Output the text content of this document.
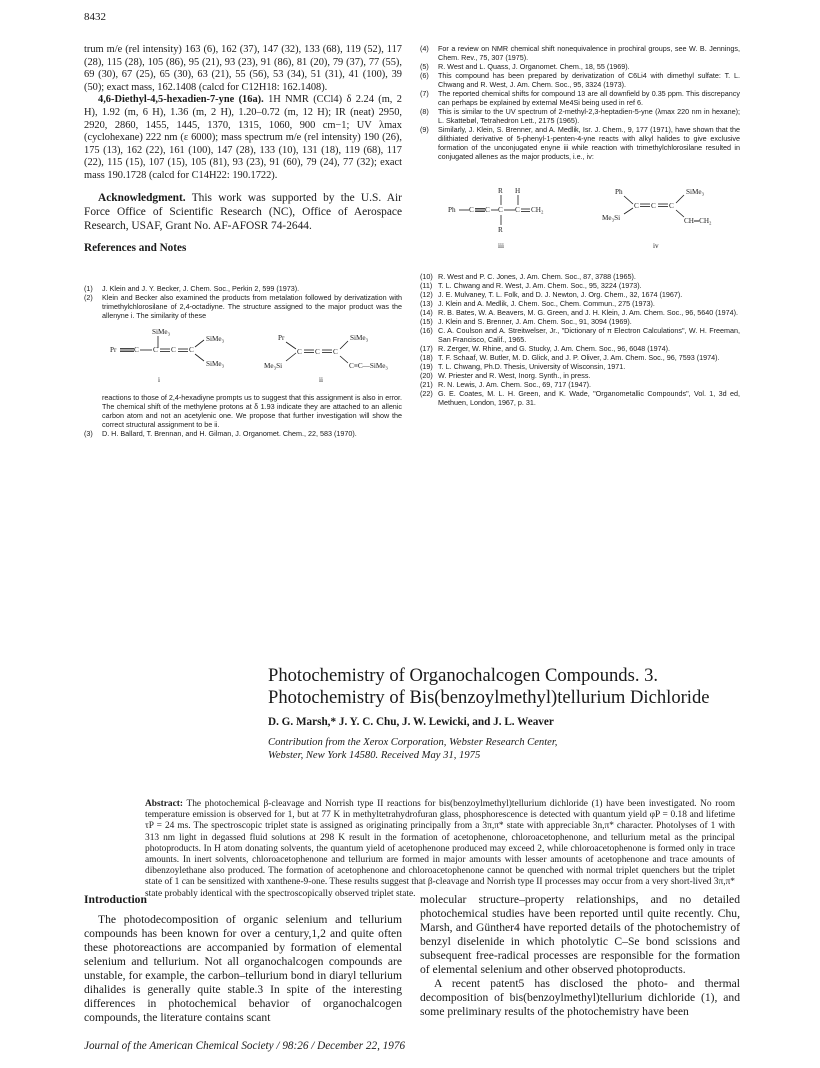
8432

trum m/e (rel intensity) 163 (6), 162 (37), 147 (32), 133 (68), 119 (52), 117 (28), 115 (28), 105 (86), 95 (21), 93 (23), 91 (86), 81 (20), 79 (37), 77 (55), 69 (30), 67 (25), 65 (30), 63 (21), 55 (56), 53 (34), 51 (31), 41 (100), 39 (50); exact mass, 162.1408 (calcd for C12H18: 162.1408).

4,6-Diethyl-4,5-hexadien-7-yne (16a). 1H NMR (CCl4) δ 2.24 (m, 2 H), 1.92 (m, 6 H), 1.36 (m, 2 H), 1.20–0.72 (m, 12 H); IR (neat) 2950, 2920, 2860, 1455, 1445, 1370, 1315, 1060, 900 cm−1; UV λmax (cyclohexane) 222 nm (ε 6000); mass spectrum m/e (rel intensity) 190 (26), 175 (13), 162 (22), 161 (100), 147 (28), 133 (10), 131 (18), 119 (68), 117 (22), 115 (15), 107 (15), 105 (81), 93 (23), 91 (60), 79 (24), 77 (32); exact mass 190.1728 (calcd for C14H22: 190.1722).

Acknowledgment. This work was supported by the U.S. Air Force Office of Scientific Research (NC), Office of Aerospace Research, USAF, Grant No. AF-AFOSR 74-2644.

References and Notes
(1)	J. Klein and J. Y. Becker, J. Chem. Soc., Perkin 2, 599 (1973).
(2)	Klein and Becker also examined the products from metalation followed by derivatization with trimethylchlorosilane of 2,4-octadiyne. The structure assigned to the major product was the allenyne i. The similarity of these
SiMe₃
Pr C C C C
SiMe₃
SiMe₃
i
Pr
Me₃Si
C C C
SiMe₃
C≡C—SiMe₃
ii
reactions to those of 2,4-hexadiyne prompts us to suggest that this assignment is also in error. The chemical shift of the methylene protons at δ 1.93 indicate they are attached to an allenic carbon atom and not an acetylenic one. We propose that further investigation will show the correct structural assignment to be ii.
(3)	D. H. Ballard, T. Brennan, and H. Gilman, J. Organomet. Chem., 22, 583 (1970).
(4)	For a review on NMR chemical shift nonequivalence in prochiral groups, see W. B. Jennings, Chem. Rev., 75, 307 (1975).
(5)	R. West and L. Quass, J. Organomet. Chem., 18, 55 (1969).
(6)	This compound has been prepared by derivatization of C6Li4 with dimethyl sulfate: T. L. Chwang and R. West, J. Am. Chem. Soc., 95, 3324 (1973).
(7)	The reported chemical shifts for compound 13 are all downfield by 0.35 ppm. This discrepancy can perhaps be explained by external Me4Si being used in ref 6.
(8)	This is similar to the UV spectrum of 2-methyl-2,3-heptadien-5-yne (λmax 220 nm in hexane); L. Skattebøl, Tetrahedron Lett., 2175 (1965).
(9)	Similarly, J. Klein, S. Brenner, and A. Medlik, Isr. J. Chem., 9, 177 (1971), have shown that the dilithiated derivative of 5-phenyl-1-penten-4-yne reacts with alkyl halides to give exclusive formation of the unconjugated enyne iii while reaction with trimethylchlorosilane resulted in conjugated allenes as the major products, i.e., iv:
R H
Ph C C C C CH₂
R
iii
Ph
Me₃Si
C C C
SiMe₃
CH═CH₂
iv
(10) R. West and P. C. Jones, J. Am. Chem. Soc., 87, 3788 (1965).
(11) T. L. Chwang and R. West, J. Am. Chem. Soc., 95, 3224 (1973).
(12) J. E. Mulvaney, T. L. Folk, and D. J. Newton, J. Org. Chem., 32, 1674 (1967).
(13) J. Klein and A. Medlik, J. Chem. Soc., Chem. Commun., 275 (1973).
(14) R. B. Bates, W. A. Beavers, M. G. Green, and J. H. Klein, J. Am. Chem. Soc., 96, 5640 (1974).
(15) J. Klein and S. Brenner, J. Am. Chem. Soc., 91, 3094 (1969).
(16) C. A. Coulson and A. Streitwelser, Jr., "Dictionary of π Electron Calculations", W. H. Freeman, San Francisco, Calif., 1965.
(17) R. Zerger, W. Rhine, and G. Stucky, J. Am. Chem. Soc., 96, 6048 (1974).
(18) T. F. Schaaf, W. Butler, M. D. Glick, and J. P. Oliver, J. Am. Chem. Soc., 96, 7593 (1974).
(19) T. L. Chwang, Ph.D. Thesis, University of Wisconsin, 1971.
(20) W. Priester and R. West, Inorg. Synth., in press.
(21) R. N. Lewis, J. Am. Chem. Soc., 69, 717 (1947).
(22) G. E. Coates, M. L. H. Green, and K. Wade, "Organometallic Compounds", Vol. 1, 3d ed, Methuen, London, 1967, p. 31.
Photochemistry of Organochalcogen Compounds. 3.
Photochemistry of Bis(benzoylmethyl)tellurium Dichloride
D. G. Marsh,* J. Y. C. Chu, J. W. Lewicki, and J. L. Weaver
Contribution from the Xerox Corporation, Webster Research Center,
Webster, New York 14580. Received May 31, 1975
Abstract: The photochemical β-cleavage and Norrish type II reactions for bis(benzoylmethyl)tellurium dichloride (1) have been investigated. No room temperature emission is observed for 1, but at 77 K in methyltetrahydrofuran glass, phosphorescence is detected with quantum yield φP = 0.18 and lifetime τP = 24 ms. The spectroscopic triplet state is assigned as originating principally from a 3π,π* state with appreciable 3n,π* character. Photolyses of 1 with 313 nm light in degassed fluid solutions at 298 K result in the formation of acetophenone, chloroacetophenone, and tellurium metal as the principal photoproducts. In H atom donating solvents, the quantum yield of acetophenone produced may exceed 2, while chloroacetophenone is formed only in trace amounts. In inert solvents, chloroacetophenone and tellurium are formed in major amounts with lesser amounts of acetophenone and trace amounts of dibenzoylethane also produced. The formation of acetophenone and chloroacetophenone cannot be quenched with normal triplet quenchers but the triplet state of 1 can be sensitized with xanthene-9-one. These results suggest that β-cleavage and Norrish type II processes may occur from a very short-lived 3π,π* state probably identical with the spectroscopically observed triplet state.
Introduction

The photodecomposition of organic selenium and tellurium compounds has been known for over a century,1,2 and quite often these photoreactions are accompanied by formation of elemental selenium and tellurium. Not all organochalcogen compounds are unstable, for example, the carbon–tellurium bond in diaryl tellurium dihalides is generally quite stable.3 In spite of the interesting differences in photochemical behavior of organochalcogen compounds, the literature contains scant

molecular structure–property relationships, and no detailed photochemical studies have been reported until quite recently. Chu, Marsh, and Günther4 have reported details of the photochemistry of benzyl diselenide in which photolytic C–Se bond scissions and subsequent free-radical processes are responsible for the formation of elemental selenium and other observed photoproducts.

A recent patent5 has disclosed the photo- and thermal decomposition of bis(benzoylmethyl)tellurium dichloride (1), and some preliminary results of the photochemistry have been

Journal of the American Chemical Society / 98:26 / December 22, 1976
